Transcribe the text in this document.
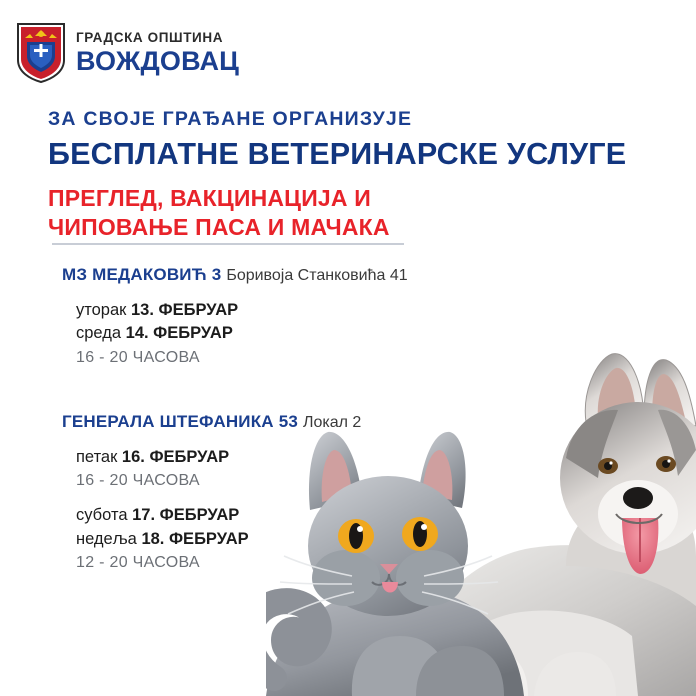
ГРАДСКА ОПШТИНА
ВОЖДОВАЦ
ЗА СВОЈЕ ГРАЂАНЕ ОРГАНИЗУЈЕ
БЕСПЛАТНЕ ВЕТЕРИНАРСКЕ УСЛУГЕ
ПРЕГЛЕД, ВАКЦИНАЦИЈА И
ЧИПОВАЊЕ ПАСА И МАЧАКА
МЗ МЕДАКОВИЋ 3 Боривоја Станковића 41
уторак 13. ФЕБРУАР
среда 14. ФЕБРУАР
16 - 20 ЧАСОВА
ГЕНЕРАЛА ШТЕФАНИКА 53 Локал 2
петак 16. ФЕБРУАР
16 - 20 ЧАСОВА
субота 17. ФЕБРУАР
недеља 18. ФЕБРУАР
12 - 20 ЧАСОВА
